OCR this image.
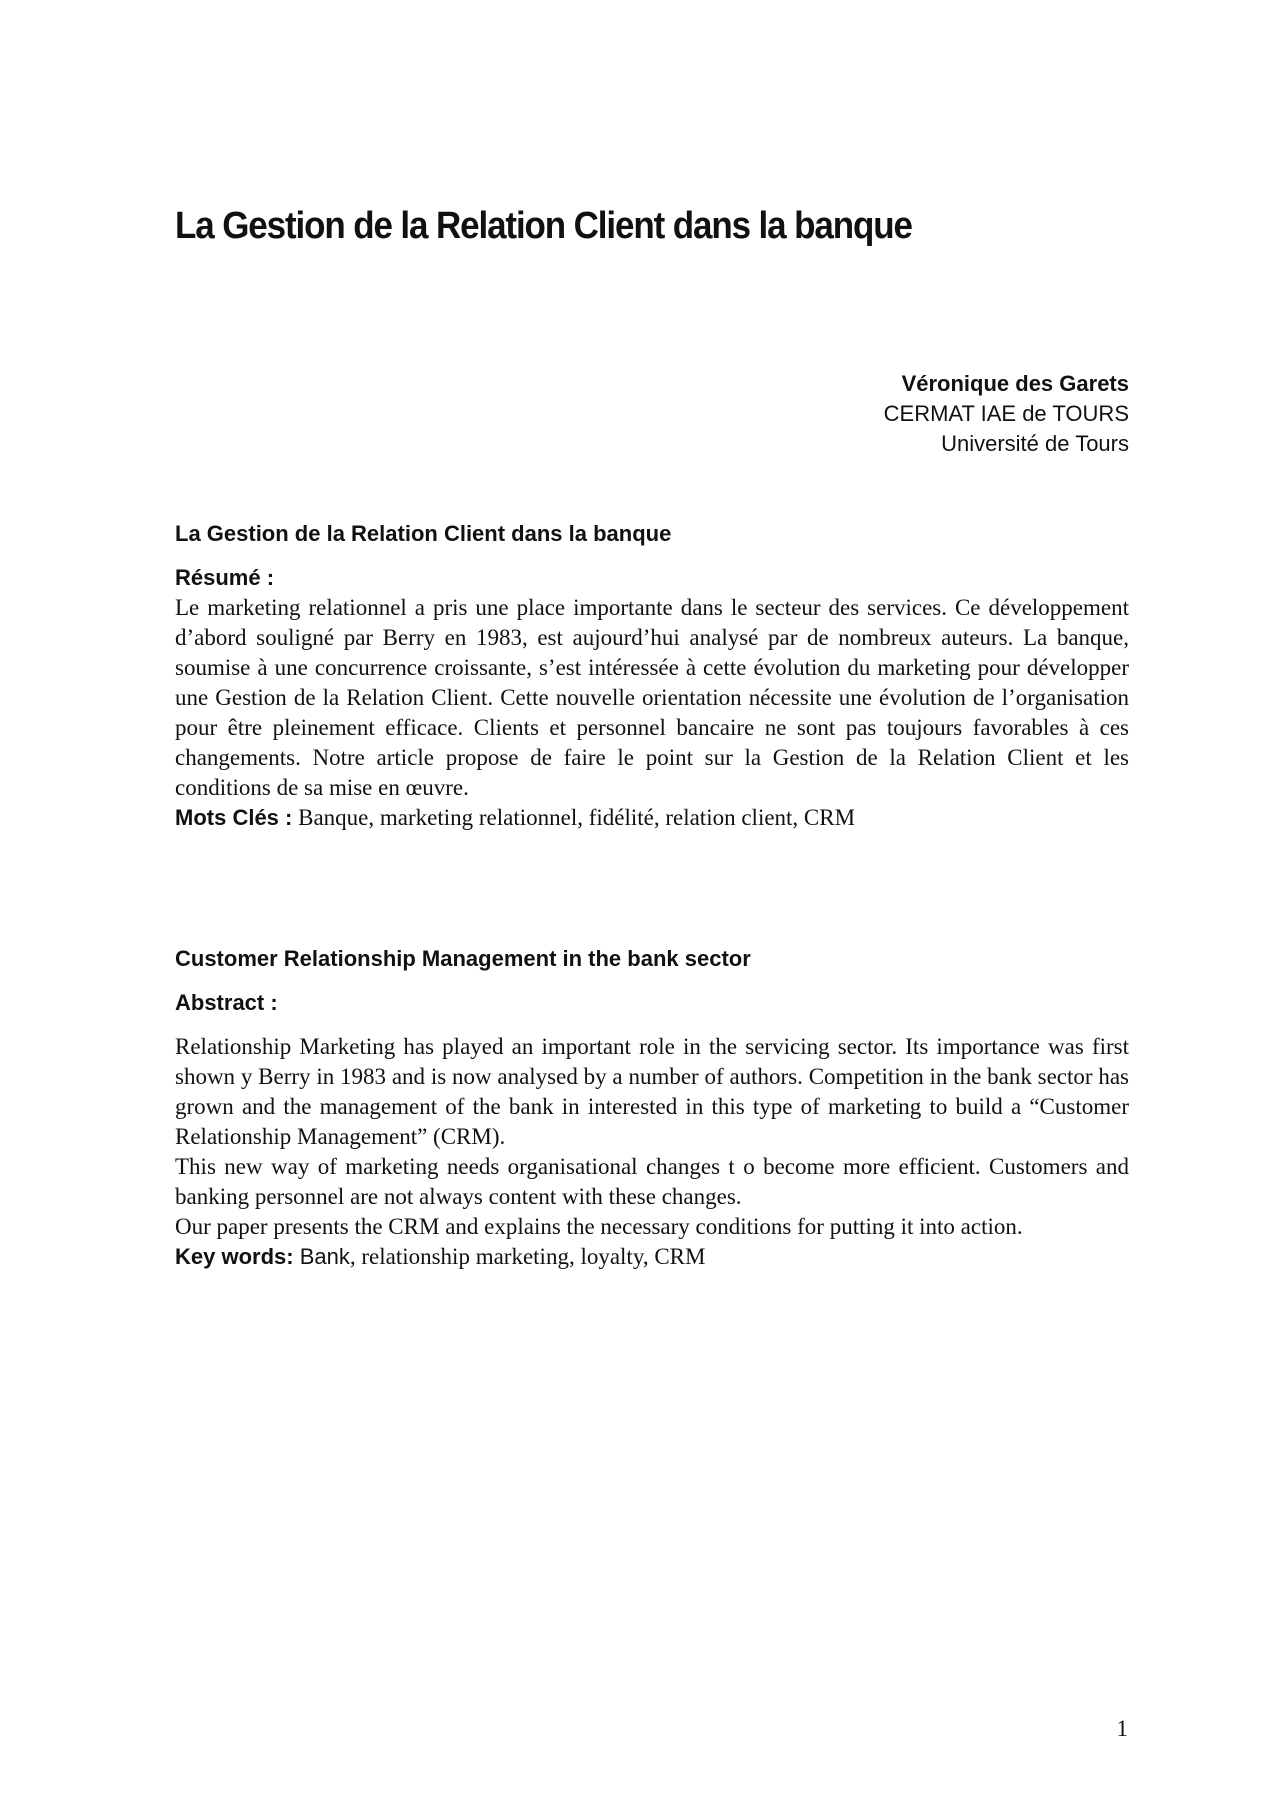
La Gestion de la Relation Client dans la banque
Véronique des Garets
CERMAT IAE de TOURS
Université de Tours
La Gestion de la Relation Client dans la banque

Résumé :

Le marketing relationnel a pris une place importante dans le secteur des services. Ce développement d’abord souligné par Berry en 1983, est aujourd’hui analysé par de nombreux auteurs. La banque, soumise à une concurrence croissante, s’est intéressée à cette évolution du marketing pour développer une Gestion de la Relation Client. Cette nouvelle orientation nécessite une évolution de l’organisation pour être pleinement efficace. Clients et personnel bancaire ne sont pas toujours favorables à ces changements. Notre article propose de faire le point sur la Gestion de la Relation Client et les conditions de sa mise en œuvre.

Mots Clés : Banque, marketing relationnel, fidélité, relation client, CRM

Customer Relationship Management in the bank sector

Abstract :

Relationship Marketing has played an important role in the servicing sector. Its importance was first shown y Berry in 1983 and is now analysed by a number of authors. Competition in the bank sector has grown and the management of the bank in interested in this type of marketing to build a “Customer Relationship Management” (CRM).

This new way of marketing needs organisational changes t o become more efficient. Customers and banking personnel are not always content with these changes.

Our paper presents the CRM and explains the necessary conditions for putting it into action.

Key words: Bank, relationship marketing, loyalty, CRM

1
